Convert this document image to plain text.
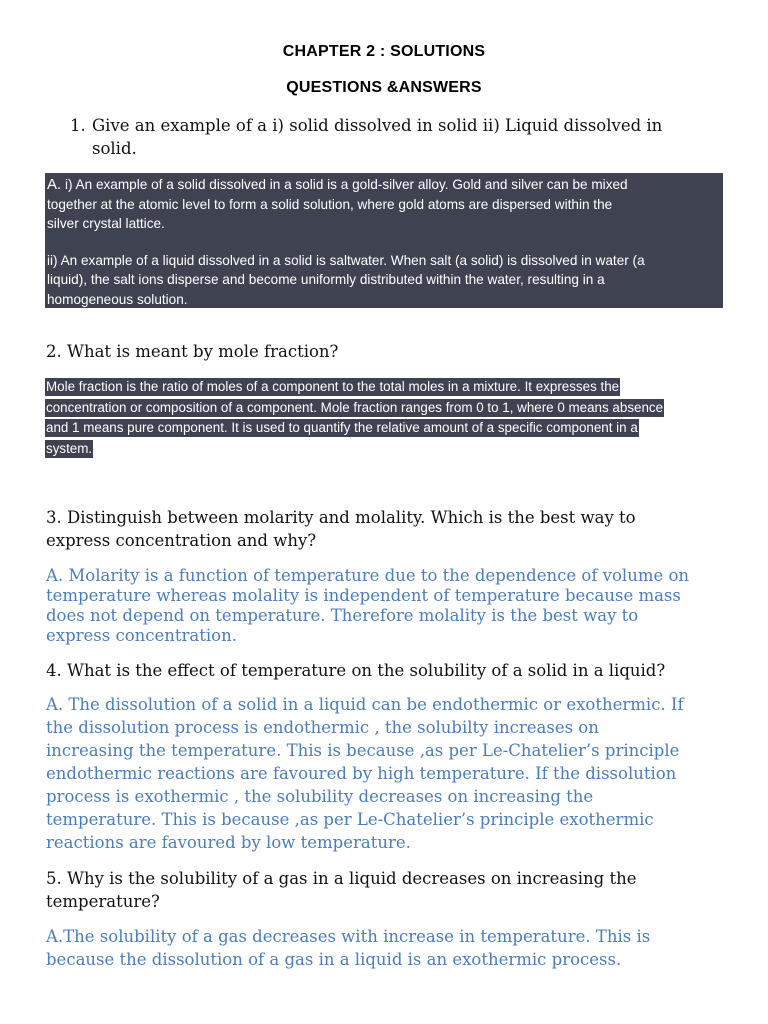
CHAPTER 2 : SOLUTIONS
QUESTIONS &ANSWERS
1. Give an example of a i) solid dissolved in solid ii) Liquid dissolved in
solid.

A. i) An example of a solid dissolved in a solid is a gold-silver alloy. Gold and silver can be mixed
together at the atomic level to form a solid solution, where gold atoms are dispersed within the
silver crystal lattice.

ii) An example of a liquid dissolved in a solid is saltwater. When salt (a solid) is dissolved in water (a
liquid), the salt ions disperse and become uniformly distributed within the water, resulting in a
homogeneous solution.

2. What is meant by mole fraction?
Mole fraction is the ratio of moles of a component to the total moles in a mixture. It expresses the
concentration or composition of a component. Mole fraction ranges from 0 to 1, where 0 means absence
and 1 means pure component. It is used to quantify the relative amount of a specific component in a
system.
3. Distinguish between molarity and molality. Which is the best way to
express concentration and why?
A. Molarity is a function of temperature due to the dependence of volume on
temperature whereas molality is independent of temperature because mass
does not depend on temperature. Therefore molality is the best way to
express concentration.
4. What is the effect of temperature on the solubility of a solid in a liquid?
A. The dissolution of a solid in a liquid can be endothermic or exothermic. If
the dissolution process is endothermic , the solubilty increases on
increasing the temperature. This is because ,as per Le-Chatelier’s principle
endothermic reactions are favoured by high temperature. If the dissolution
process is exothermic , the solubility decreases on increasing the
temperature. This is because ,as per Le-Chatelier’s principle exothermic
reactions are favoured by low temperature.
5. Why is the solubility of a gas in a liquid decreases on increasing the
temperature?
A.The solubility of a gas decreases with increase in temperature. This is
because the dissolution of a gas in a liquid is an exothermic process.
